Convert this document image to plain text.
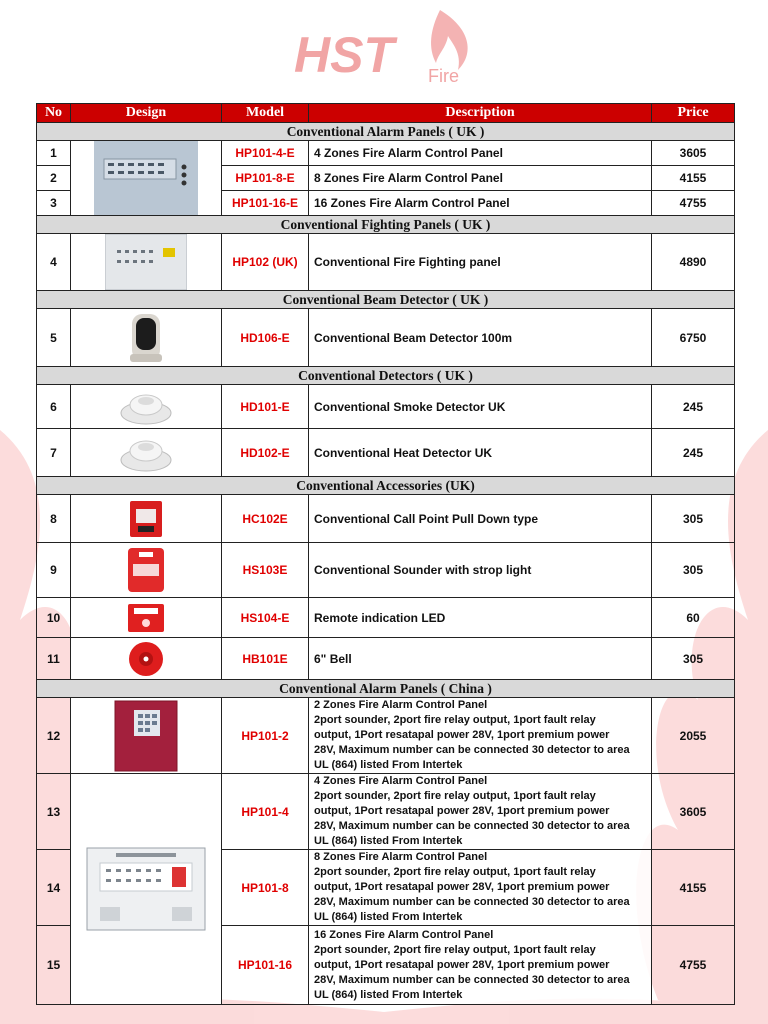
HST Fire
No	Design	Model	Description	Price
Conventional Alarm Panels ( UK )				
1		HP101-4-E	4 Zones Fire Alarm Control Panel	3605
2		HP101-8-E	8 Zones Fire Alarm Control Panel	4155
3		HP101-16-E	16 Zones Fire Alarm Control Panel	4755
Conventional Fighting Panels ( UK )				
4		HP102 (UK)	Conventional Fire Fighting panel	4890
Conventional Beam Detector ( UK )				
5		HD106-E	Conventional Beam Detector 100m	6750
Conventional Detectors ( UK )				
6		HD101-E	Conventional Smoke Detector UK	245
7		HD102-E	Conventional Heat Detector UK	245
Conventional Accessories (UK)				
8		HC102E	Conventional Call Point Pull Down type	305
9		HS103E	Conventional Sounder with strop light	305
10		HS104-E	Remote indication LED	60
11		HB101E	6" Bell	305
Conventional Alarm Panels ( China )				
12		HP101-2	2 Zones Fire Alarm Control Panel
2port sounder, 2port fire relay output, 1port fault relay
output, 1Port resatapal power 28V, 1port premium power
28V, Maximum number can be connected 30 detector to area
UL (864) listed From Intertek	2055
13		HP101-4	4 Zones Fire Alarm Control Panel
2port sounder, 2port fire relay output, 1port fault relay
output, 1Port resatapal power 28V, 1port premium power
28V, Maximum number can be connected 30 detector to area
UL (864) listed From Intertek	3605
14		HP101-8	8 Zones Fire Alarm Control Panel
2port sounder, 2port fire relay output, 1port fault relay
output, 1Port resatapal power 28V, 1port premium power
28V, Maximum number can be connected 30 detector to area
UL (864) listed From Intertek	4155
15		HP101-16	16 Zones Fire Alarm Control Panel
2port sounder, 2port fire relay output, 1port fault relay
output, 1Port resatapal power 28V, 1port premium power
28V, Maximum number can be connected 30 detector to area
UL (864) listed From Intertek	4755
